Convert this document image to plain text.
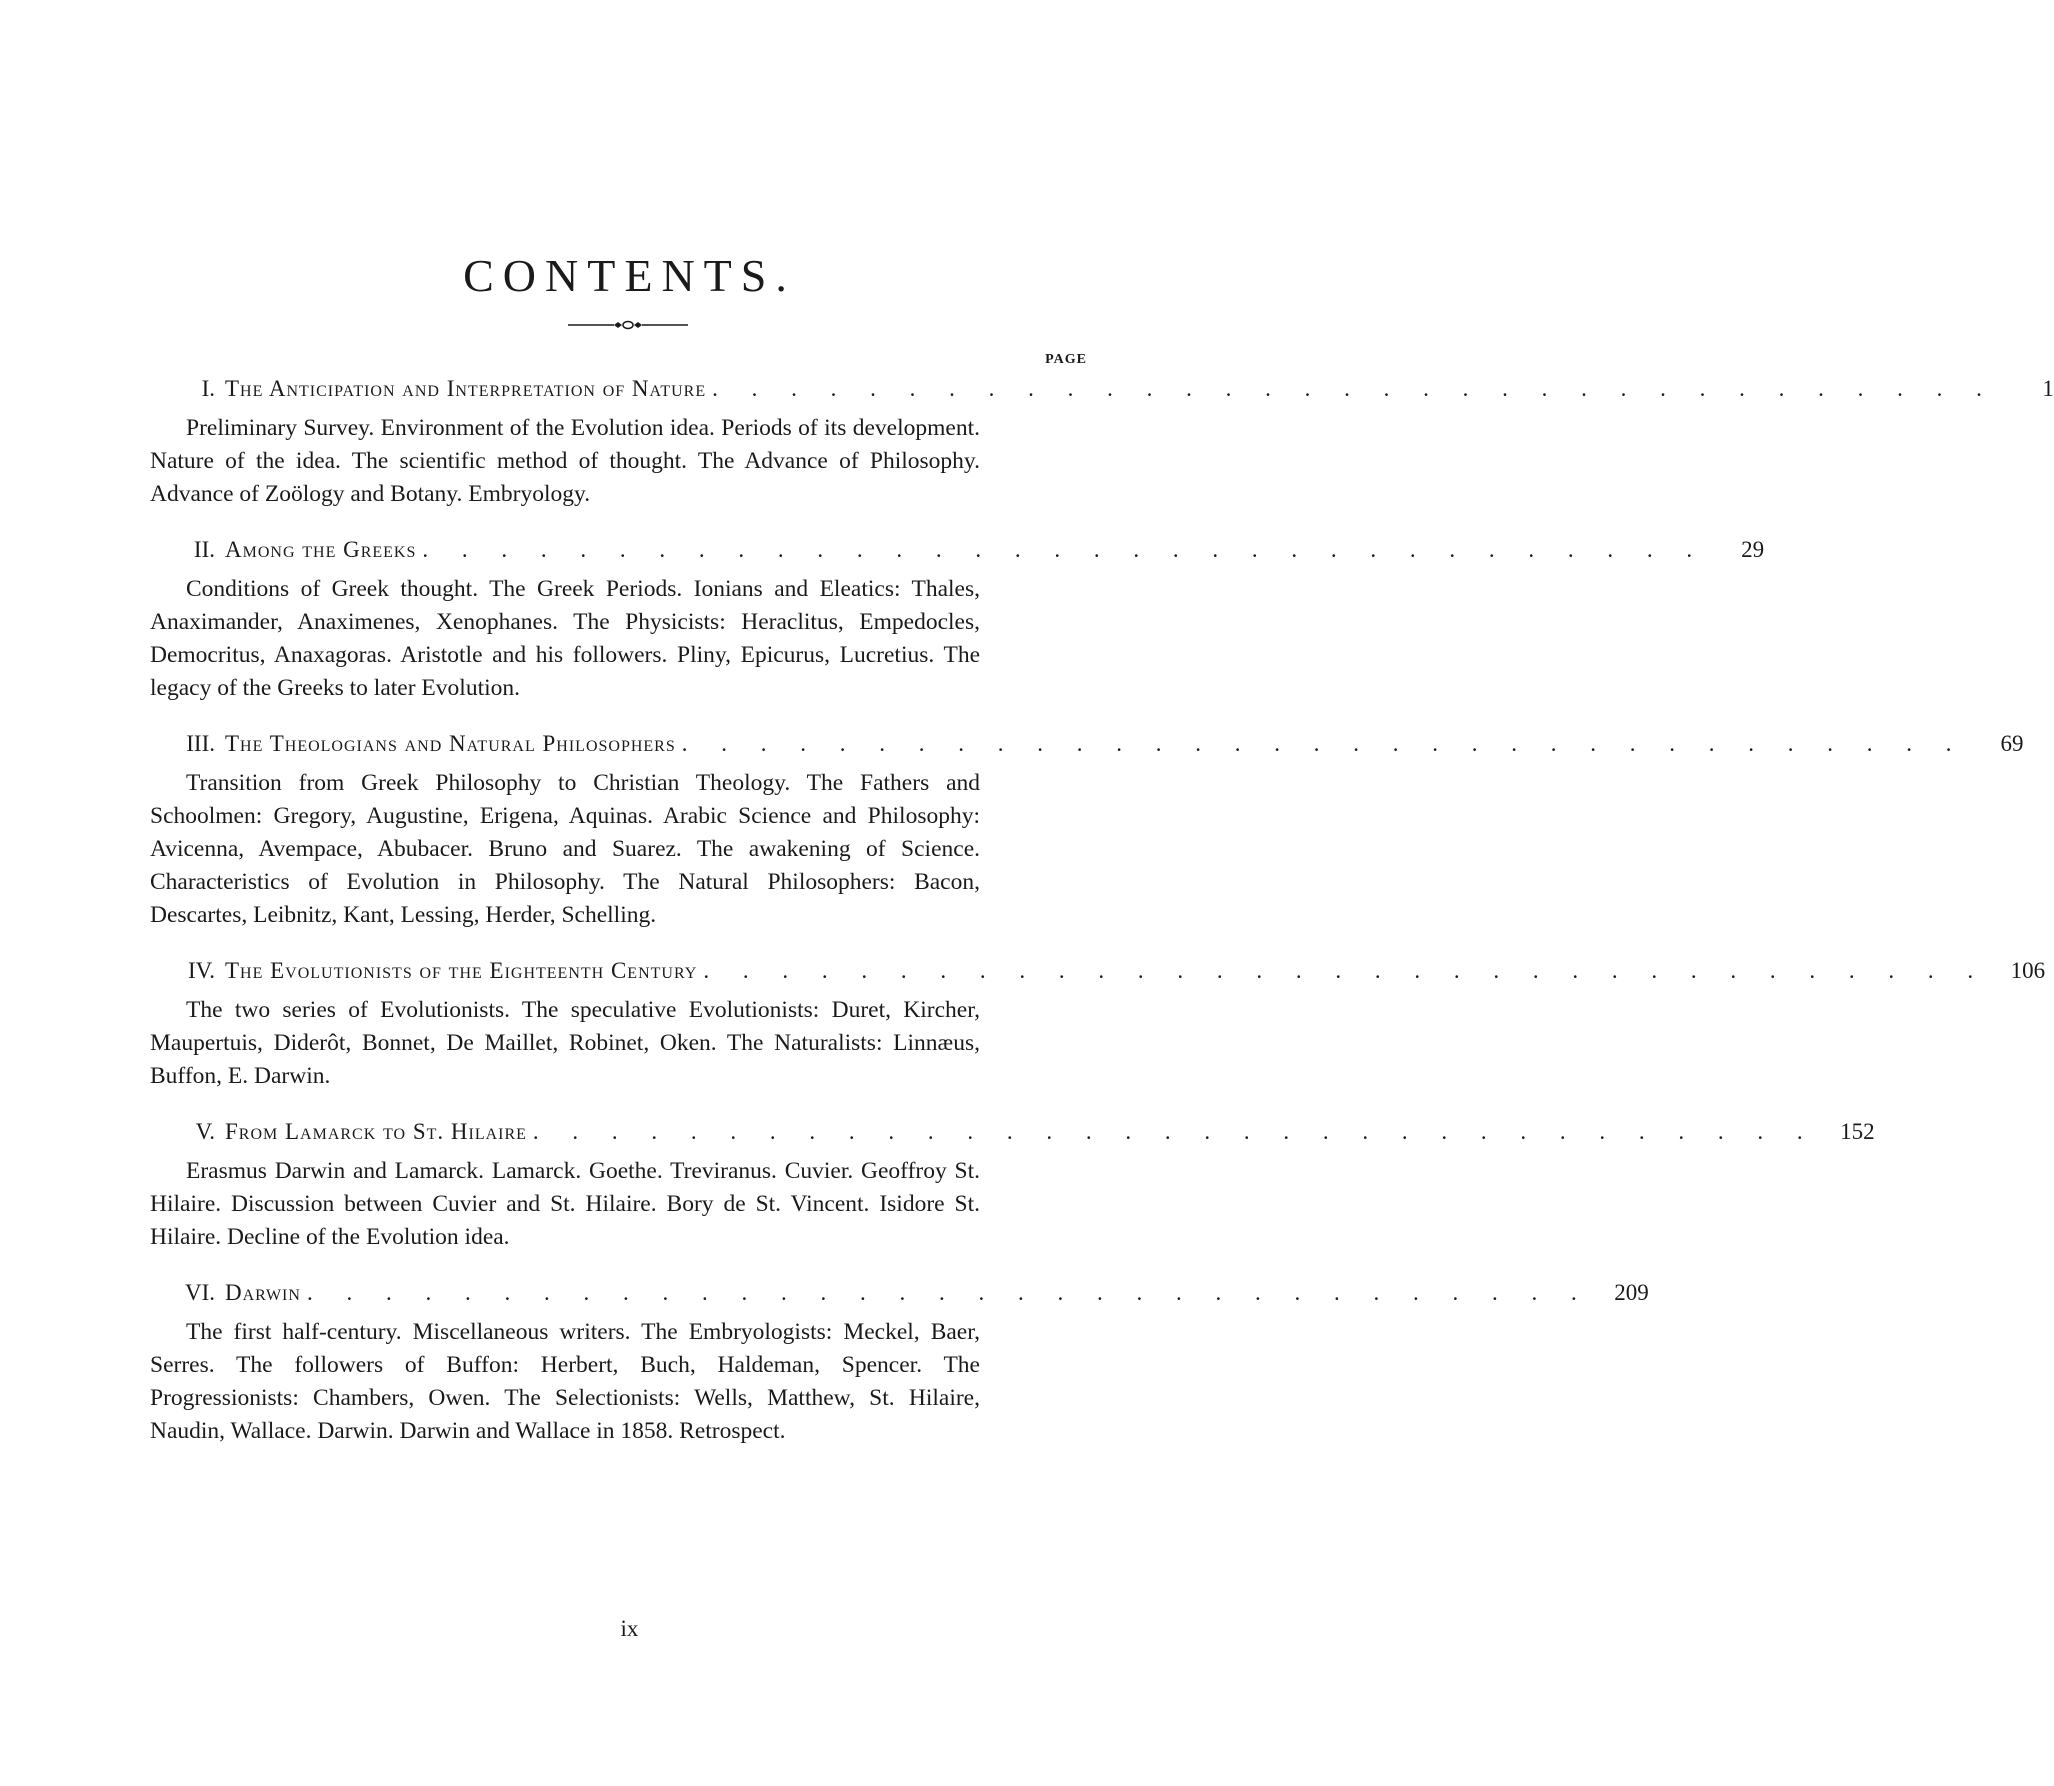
CONTENTS.
PAGE
I. The Anticipation and Interpretation of Nature . . . . . . . . . . . . . . . . . . . . . . . . . . . . . . . . .	1

Preliminary Survey. Environment of the Evolution idea. Periods of its development. Nature of the idea. The scientific method of thought. The Advance of Philosophy. Advance of Zoölogy and Botany. Embryology.

II. Among the Greeks . . . . . . . . . . . . . . . . . . . . . . . . . . . . . . . . .	29

Conditions of Greek thought. The Greek Periods. Ionians and Eleatics: Thales, Anaximander, Anaximenes, Xenophanes. The Physicists: Heraclitus, Empedocles, Democritus, Anaxagoras. Aristotle and his followers. Pliny, Epicurus, Lucretius. The legacy of the Greeks to later Evolution.

III. The Theologians and Natural Philosophers . . . . . . . . . . . . . . . . . . . . . . . . . . . . . . . . .	69

Transition from Greek Philosophy to Christian Theology. The Fathers and Schoolmen: Gregory, Augustine, Erigena, Aquinas. Arabic Science and Philosophy: Avicenna, Avempace, Abubacer. Bruno and Suarez. The awakening of Science. Characteristics of Evolution in Philosophy. The Natural Philosophers: Bacon, Descartes, Leibnitz, Kant, Lessing, Herder, Schelling.

IV. The Evolutionists of the Eighteenth Century . . . . . . . . . . . . . . . . . . . . . . . . . . . . . . . . .	106

The two series of Evolutionists. The speculative Evolutionists: Duret, Kircher, Maupertuis, Diderôt, Bonnet, De Maillet, Robinet, Oken. The Naturalists: Linnæus, Buffon, E. Darwin.

V. From Lamarck to St. Hilaire . . . . . . . . . . . . . . . . . . . . . . . . . . . . . . . . .	152

Erasmus Darwin and Lamarck. Lamarck. Goethe. Treviranus. Cuvier. Geoffroy St. Hilaire. Discussion between Cuvier and St. Hilaire. Bory de St. Vincent. Isidore St. Hilaire. Decline of the Evolution idea.

VI. Darwin . . . . . . . . . . . . . . . . . . . . . . . . . . . . . . . . .	209

The first half-century. Miscellaneous writers. The Embryologists: Meckel, Baer, Serres. The followers of Buffon: Herbert, Buch, Haldeman, Spencer. The Progressionists: Chambers, Owen. The Selectionists: Wells, Matthew, St. Hilaire, Naudin, Wallace. Darwin. Darwin and Wallace in 1858. Retrospect.

ix
